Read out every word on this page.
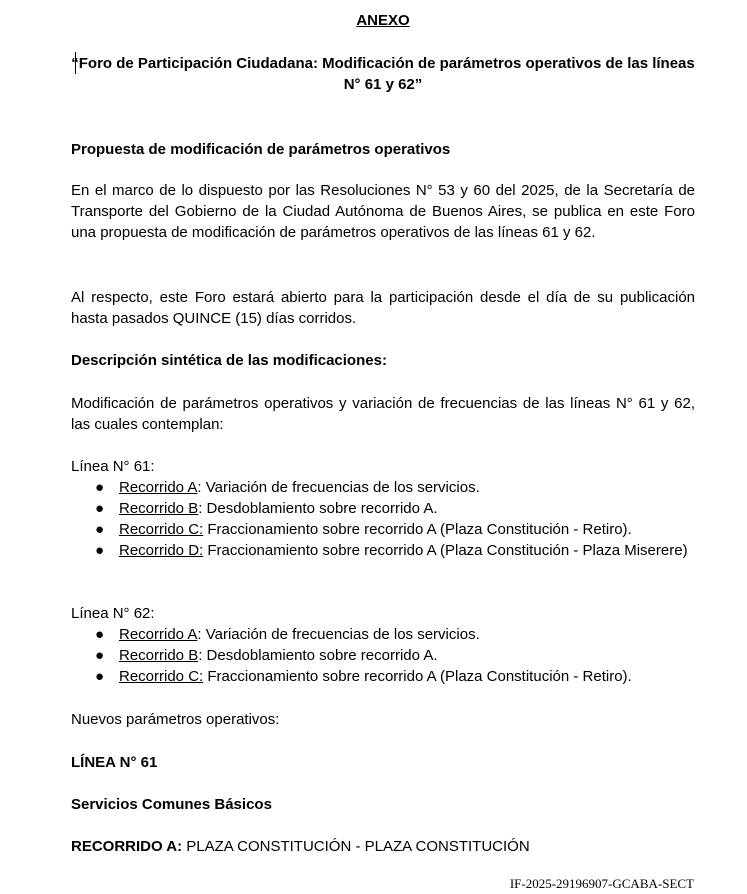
ANEXO
“Foro de Participación Ciudadana: Modificación de parámetros operativos de las líneas N° 61 y 62”
Propuesta de modificación de parámetros operativos
En el marco de lo dispuesto por las Resoluciones N° 53 y 60 del 2025, de la Secretaría de Transporte del Gobierno de la Ciudad Autónoma de Buenos Aires, se publica en este Foro una propuesta de modificación de parámetros operativos de las líneas 61 y 62.
Al respecto, este Foro estará abierto para la participación desde el día de su publicación hasta pasados QUINCE (15) días corridos.
Descripción sintética de las modificaciones:
Modificación de parámetros operativos y variación de frecuencias de las líneas N° 61 y 62, las cuales contemplan:
Línea N° 61:
● Recorrido A: Variación de frecuencias de los servicios.
● Recorrido B: Desdoblamiento sobre recorrido A.
● Recorrido C: Fraccionamiento sobre recorrido A (Plaza Constitución - Retiro).
● Recorrido D: Fraccionamiento sobre recorrido A (Plaza Constitución - Plaza Miserere)
Línea N° 62:
● Recorrido A: Variación de frecuencias de los servicios.
● Recorrido B: Desdoblamiento sobre recorrido A.
● Recorrido C: Fraccionamiento sobre recorrido A (Plaza Constitución - Retiro).
Nuevos parámetros operativos:
LÍNEA N° 61
Servicios Comunes Básicos
RECORRIDO A: PLAZA CONSTITUCIÓN - PLAZA CONSTITUCIÓN
IF-2025-29196907-GCABA-SECT
